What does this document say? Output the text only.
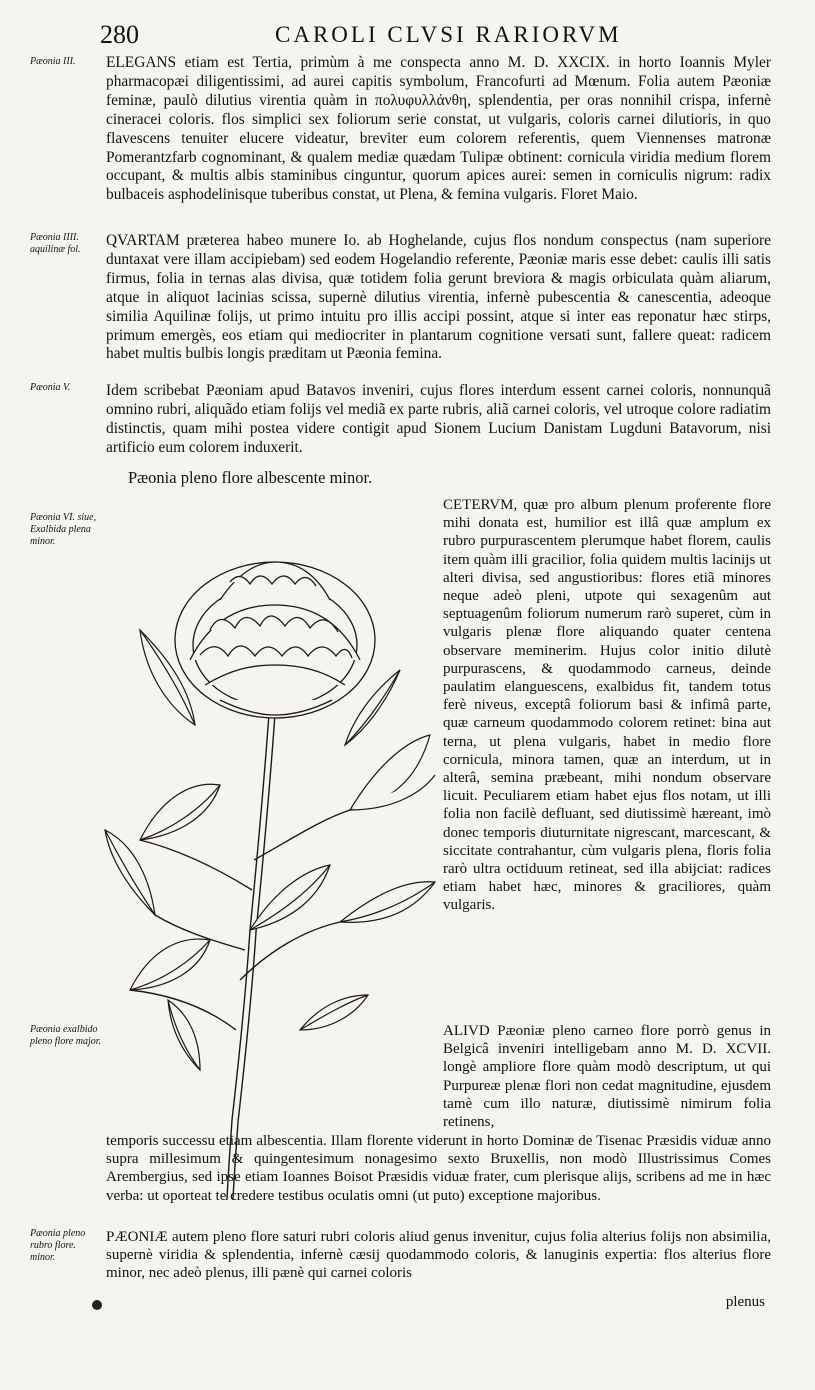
280	CAROLI CLVSI RARIORVM
Pæonia III.
Pæonia IIII. aquilinæ fol.
Pæonia V.
Pæonia VI. siue, Exalbida plena minor.
Pæonia exalbido pleno flore major.
Pæonia pleno rubro flore. minor.

ELEGANS etiam est Tertia, primùm à me conspecta anno M. D. XXCIX. in horto Ioannis Myler pharmacopæi diligentissimi, ad aurei capitis symbolum, Francofurti ad Mœnum. Folia autem Pæoniæ feminæ, paulò dilutius virentia quàm in πολυφυλλάνθη, splendentia, per oras nonnihil crispa, infernè cineracei coloris. flos simplici sex foliorum serie constat, ut vulgaris, coloris carnei dilutioris, in quo flavescens tenuiter elucere videatur, breviter eum colorem referentis, quem Viennenses matronæ Pomerantzfarb cognominant, & qualem mediæ quædam Tulipæ obtinent: cornicula viridia medium florem occupant, & multis albis staminibus cinguntur, quorum apices aurei: semen in corniculis nigrum: radix bulbaceis asphodelinisque tuberibus constat, ut Plena, & femina vulgaris. Floret Maio.

QVARTAM præterea habeo munere Io. ab Hoghelande, cujus flos nondum conspectus (nam superiore duntaxat vere illam accipiebam) sed eodem Hogelandio referente, Pæoniæ maris esse debet: caulis illi satis firmus, folia in ternas alas divisa, quæ totidem folia gerunt breviora & magis orbiculata quàm aliarum, atque in aliquot lacinias scissa, supernè dilutius virentia, infernè pubescentia & canescentia, adeoque similia Aquilinæ folijs, ut primo intuitu pro illis accipi possint, atque si inter eas reponatur hæc stirps, primum emergès, eos etiam qui mediocriter in plantarum cognitione versati sunt, fallere queat: radicem habet multis bulbis longis præditam ut Pæonia femina.

Idem scribebat Pæoniam apud Batavos inveniri, cujus flores interdum essent carnei coloris, nonnunquã omnino rubri, aliquãdo etiam folijs vel mediã ex parte rubris, aliã carnei coloris, vel utroque colore radiatim distinctis, quam mihi postea videre contigit apud Sionem Lucium Danistam Lugduni Batavorum, nisi artificio eum colorem induxerit.

Pæonia pleno flore albescente minor.

CETERVM, quæ pro album plenum proferente flore mihi donata est, humilior est illâ quæ amplum ex rubro purpurascentem plerumque habet florem, caulis item quàm illi gracilior, folia quidem multis lacinijs ut alteri divisa, sed angustioribus: flores etiã minores neque adeò pleni, utpote qui sexagenûm aut septuagenûm foliorum numerum rarò superet, cùm in vulgaris plenæ flore aliquando quater centena observare meminerim. Hujus color initio dilutè purpurascens, & quodammodo carneus, deinde paulatim elanguescens, exalbidus fit, tandem totus ferè niveus, exceptâ foliorum basi & infimâ parte, quæ carneum quodammodo colorem retinet: bina aut terna, ut plena vulgaris, habet in medio flore cornicula, minora tamen, quæ an interdum, ut in alterâ, semina præbeant, mihi nondum observare licuit. Peculiarem etiam habet ejus flos notam, ut illi folia non facilè defluant, sed diutissimè hæreant, imò donec temporis diuturnitate nigrescant, marcescant, & siccitate contrahantur, cùm vulgaris plena, floris folia rarò ultra octiduum retineat, sed illa abijciat: radices etiam habet hæc, minores & graciliores, quàm vulgaris.

ALIVD Pæoniæ pleno carneo flore porrò genus in Belgicâ inveniri intelligebam anno M. D. XCVII. longè ampliore flore quàm modò descriptum, ut qui Purpureæ plenæ flori non cedat magnitudine, ejusdem tamè cum illo naturæ, diutissimè nimirum folia retinens,

temporis successu etiam albescentia. Illam florente viderunt in horto Dominæ de Tisenac Præsidis viduæ anno supra millesimum & quingentesimum nonagesimo sexto Bruxellis, non modò Illustrissimus Comes Arembergius, sed ipse etiam Ioannes Boisot Præsidis viduæ frater, cum plerisque alijs, scribens ad me in hæc verba: ut oporteat te credere testibus oculatis omni (ut puto) exceptione majoribus.

PÆONIÆ autem pleno flore saturi rubri coloris aliud genus invenitur, cujus folia alterius folijs non absimilia, supernè viridia & splendentia, infernè cæsij quodammodo coloris, & lanuginis expertia: flos alterius flore minor, nec adeò plenus, illi pænè qui carnei coloris

plenus
